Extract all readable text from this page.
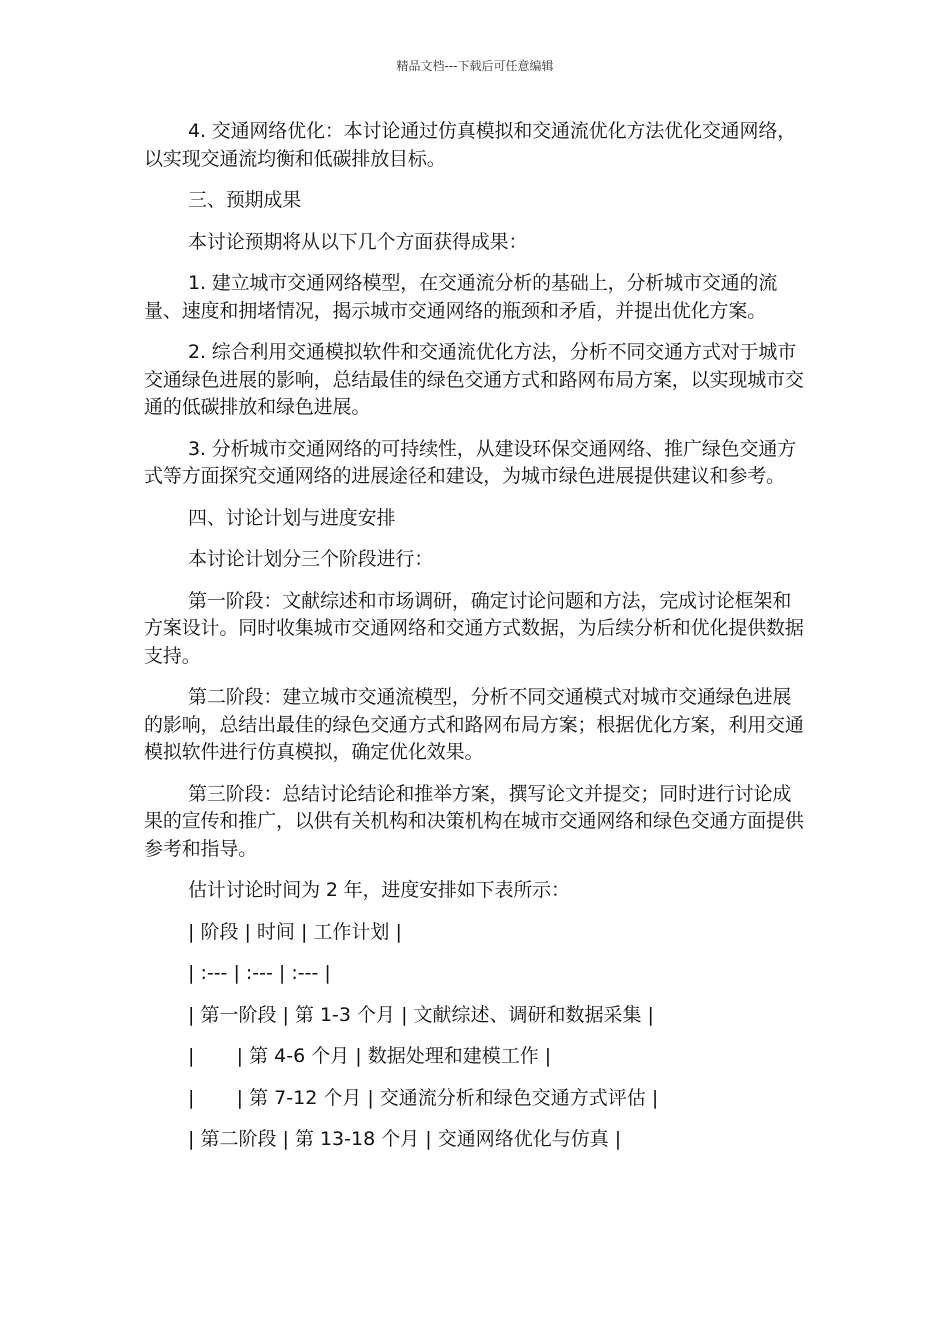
精品文档---下载后可任意编辑

4. 交通网络优化：本讨论通过仿真模拟和交通流优化方法优化交通网络，以实现交通流均衡和低碳排放目标。

三、预期成果

本讨论预期将从以下几个方面获得成果：

1. 建立城市交通网络模型，在交通流分析的基础上，分析城市交通的流量、速度和拥堵情况，揭示城市交通网络的瓶颈和矛盾，并提出优化方案。

2. 综合利用交通模拟软件和交通流优化方法，分析不同交通方式对于城市交通绿色进展的影响，总结最佳的绿色交通方式和路网布局方案，以实现城市交通的低碳排放和绿色进展。

3. 分析城市交通网络的可持续性，从建设环保交通网络、推广绿色交通方式等方面探究交通网络的进展途径和建设，为城市绿色进展提供建议和参考。

四、讨论计划与进度安排

本讨论计划分三个阶段进行：

第一阶段：文献综述和市场调研，确定讨论问题和方法，完成讨论框架和方案设计。同时收集城市交通网络和交通方式数据，为后续分析和优化提供数据支持。

第二阶段：建立城市交通流模型，分析不同交通模式对城市交通绿色进展的影响，总结出最佳的绿色交通方式和路网布局方案；根据优化方案，利用交通模拟软件进行仿真模拟，确定优化效果。

第三阶段：总结讨论结论和推举方案，撰写论文并提交；同时进行讨论成果的宣传和推广，以供有关机构和决策机构在城市交通网络和绿色交通方面提供参考和指导。

估计讨论时间为 2 年，进度安排如下表所示：

| 阶段 | 时间 | 工作计划 |

| :--- | :--- | :--- |

| 第一阶段 | 第 1-3 个月 | 文献综述、调研和数据采集 |

|       | 第 4-6 个月 | 数据处理和建模工作 |

|       | 第 7-12 个月 | 交通流分析和绿色交通方式评估 |

| 第二阶段 | 第 13-18 个月 | 交通网络优化与仿真 |
